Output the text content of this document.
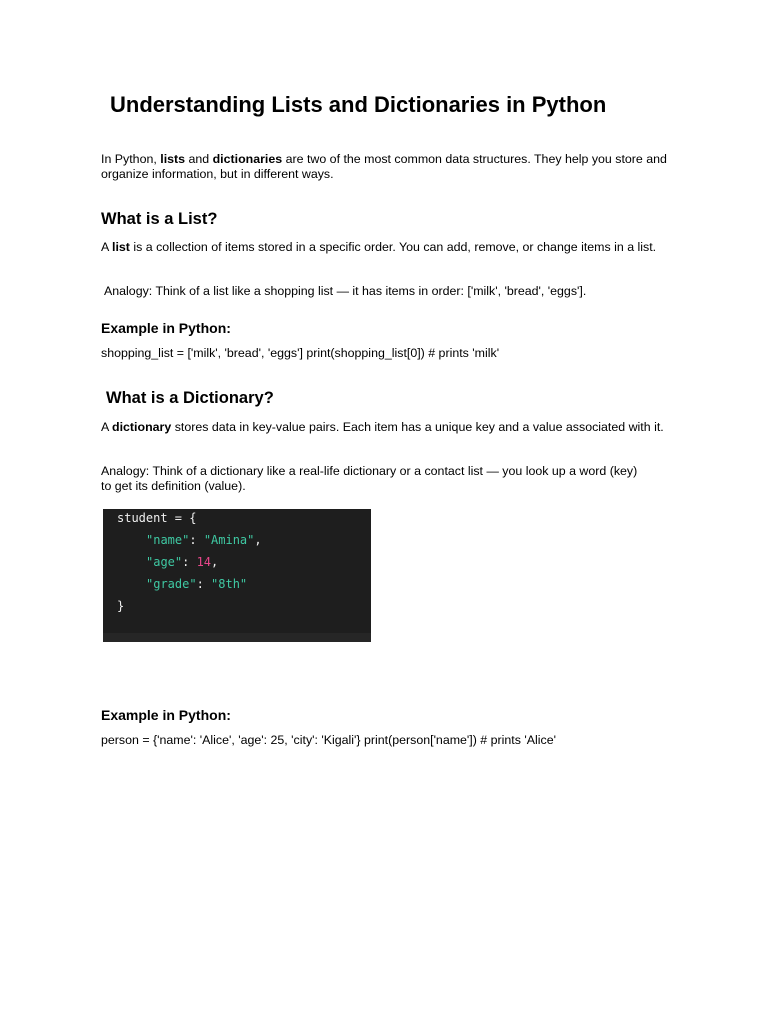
Understanding Lists and Dictionaries in Python

In Python, lists and dictionaries are two of the most common data structures. They help you store and organize information, but in different ways.

What is a List?

A list is a collection of items stored in a specific order. You can add, remove, or change items in a list.

Analogy: Think of a list like a shopping list — it has items in order: ['milk', 'bread', 'eggs'].

Example in Python:
shopping_list = ['milk', 'bread', 'eggs'] print(shopping_list[0]) # prints 'milk'
What is a Dictionary?

A dictionary stores data in key-value pairs. Each item has a unique key and a value associated with it.

Analogy: Think of a dictionary like a real-life dictionary or a contact list — you look up a word (key) to get its definition (value).

student = {
"name": "Amina",
"age": 14,
"grade": "8th"
}
Example in Python:
person = {'name': 'Alice', 'age': 25, 'city': 'Kigali'} print(person['name']) # prints 'Alice'
